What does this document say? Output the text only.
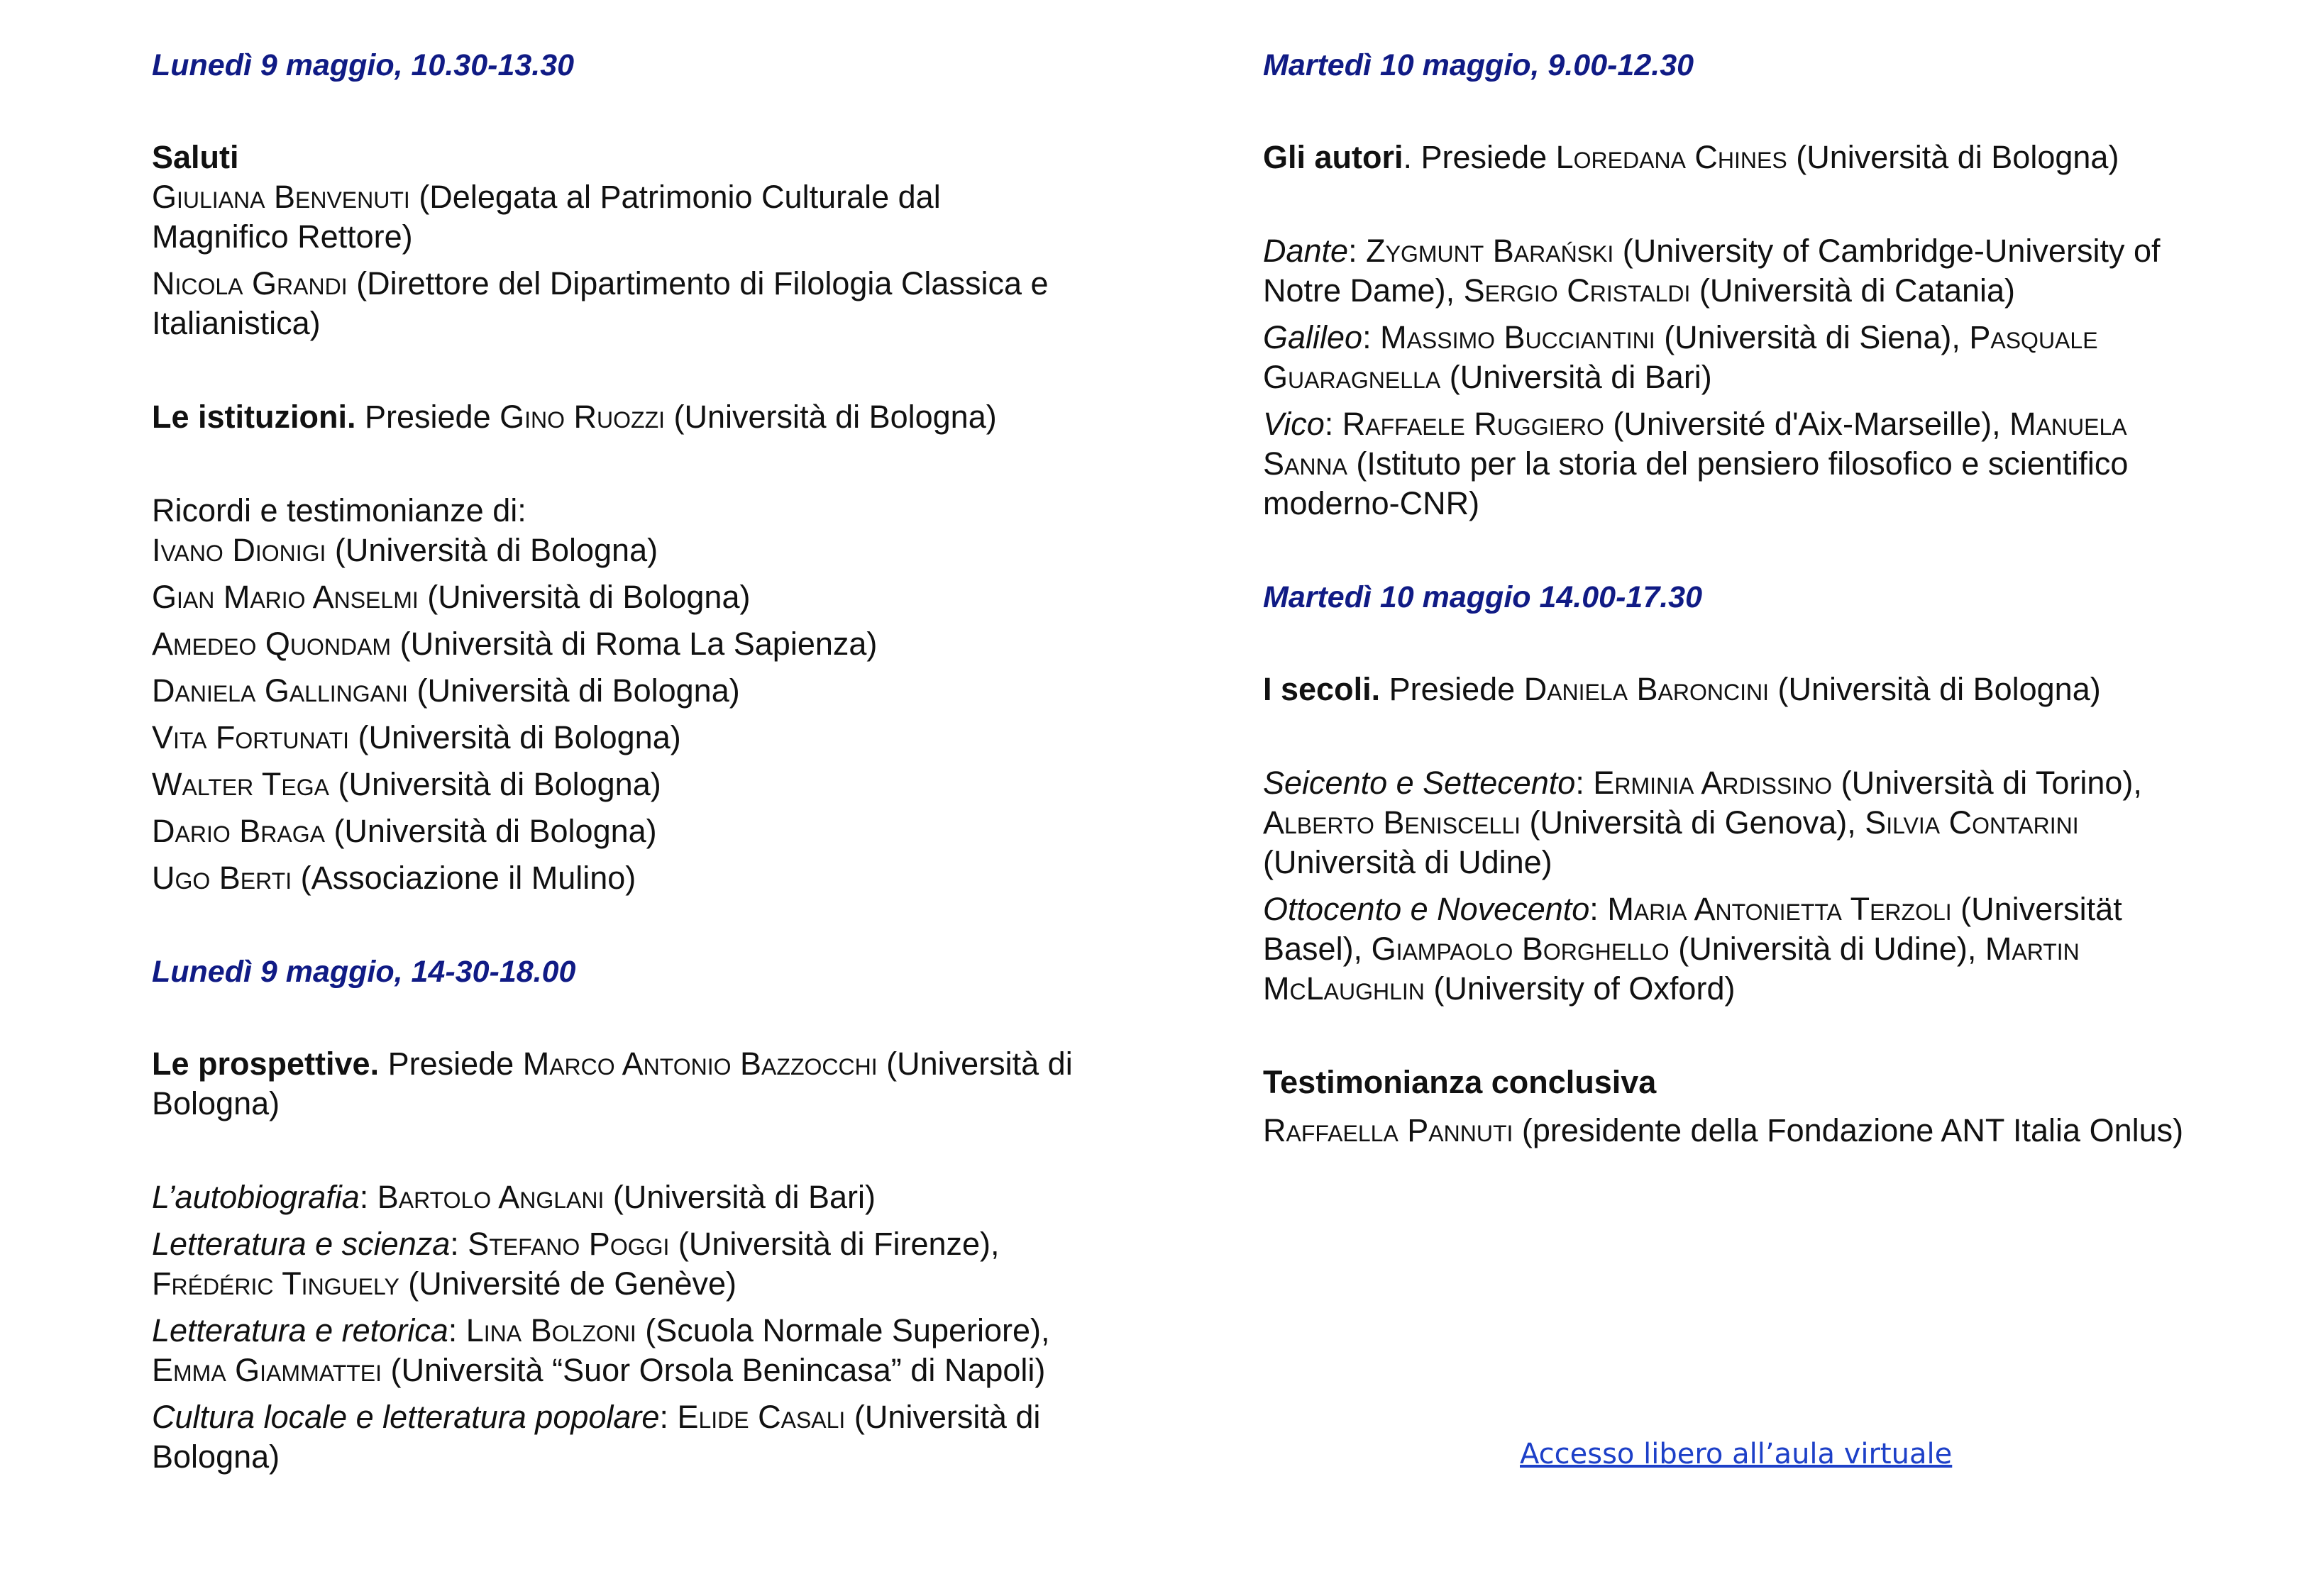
Lunedì 9 maggio, 10.30-13.30

Saluti

Giuliana Benvenuti (Delegata al Patrimonio Culturale dal Magnifico Rettore)

Nicola Grandi (Direttore del Dipartimento di Filologia Classica e Italianistica)

Le istituzioni. Presiede Gino Ruozzi (Università di Bologna)

Ricordi e testimonianze di:

Ivano Dionigi (Università di Bologna)

Gian Mario Anselmi (Università di Bologna)

Amedeo Quondam (Università di Roma La Sapienza)

Daniela Gallingani (Università di Bologna)

Vita Fortunati (Università di Bologna)

Walter Tega (Università di Bologna)

Dario Braga (Università di Bologna)

Ugo Berti (Associazione il Mulino)

Lunedì 9 maggio, 14-30-18.00

Le prospettive. Presiede Marco Antonio Bazzocchi (Università di Bologna)

L’autobiografia: Bartolo Anglani (Università di Bari)

Letteratura e scienza: Stefano Poggi (Università di Firenze), Frédéric Tinguely (Université de Genève)

Letteratura e retorica: Lina Bolzoni (Scuola Normale Superiore), Emma Giammattei (Università “Suor Orsola Benincasa” di Napoli)

Cultura locale e letteratura popolare: Elide Casali (Università di Bologna)

Martedì 10 maggio, 9.00-12.30

Gli autori. Presiede Loredana Chines (Università di Bologna)

Dante: Zygmunt Barański (University of Cambridge-University of Notre Dame), Sergio Cristaldi (Università di Catania)

Galileo: Massimo Bucciantini (Università di Siena), Pasquale Guaragnella (Università di Bari)

Vico: Raffaele Ruggiero (Université d'Aix-Marseille), Manuela Sanna (Istituto per la storia del pensiero filosofico e scientifico moderno-CNR)

Martedì 10 maggio 14.00-17.30

I secoli. Presiede Daniela Baroncini (Università di Bologna)

Seicento e Settecento: Erminia Ardissino (Università di Torino), Alberto Beniscelli (Università di Genova), Silvia Contarini (Università di Udine)

Ottocento e Novecento: Maria Antonietta Terzoli (Universität Basel), Giampaolo Borghello (Università di Udine), Martin McLaughlin (University of Oxford)

Testimonianza conclusiva

Raffaella Pannuti (presidente della Fondazione ANT Italia Onlus)

Accesso libero all’aula virtuale
